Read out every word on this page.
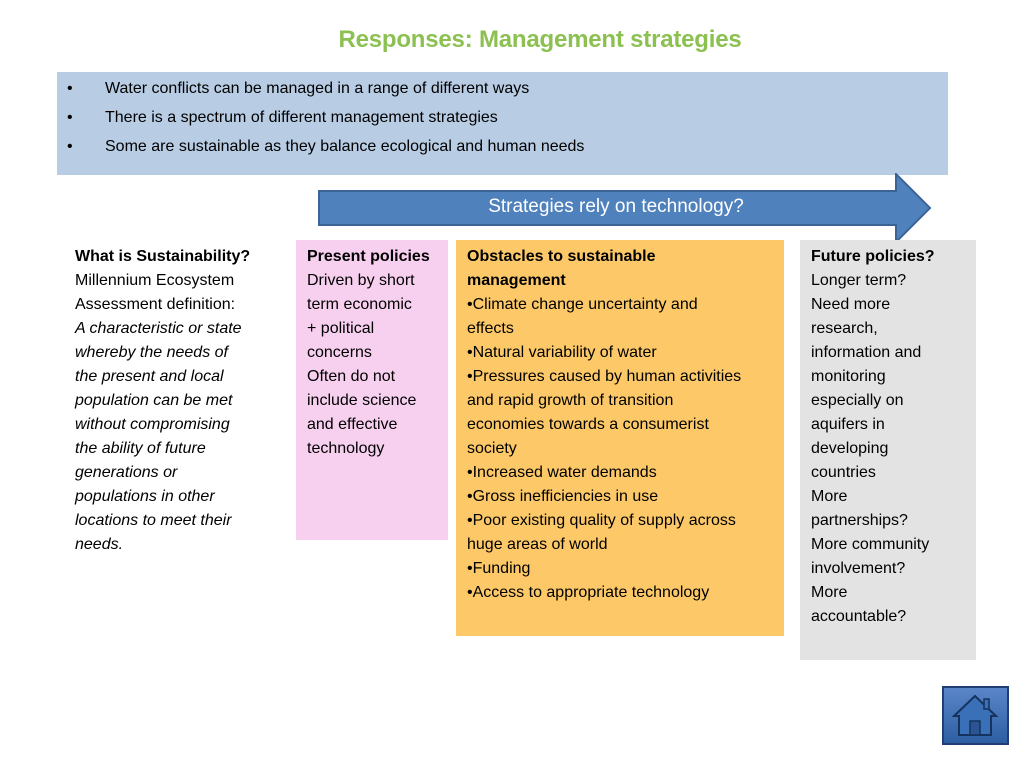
Responses: Management strategies
• Water conflicts can be managed in a range of different ways
• There is a spectrum of different management strategies
• Some are sustainable as they balance ecological and human needs
Strategies rely on technology?
What is Sustainability?
Millennium Ecosystem
Assessment definition:
A characteristic or state
whereby the needs of
the present and local
population can be met
without compromising
the ability of future
generations or
populations in other
locations to meet their
needs.
Present policies
Driven by short
term economic
+ political
concerns
Often do not
include science
and effective
technology
Obstacles to sustainable
management
•Climate change uncertainty and
effects
•Natural variability of water
•Pressures caused by human activities
and rapid growth of transition
economies towards a consumerist
society
•Increased water demands
•Gross inefficiencies in use
•Poor existing quality of supply across
huge areas of world
•Funding
•Access to appropriate technology
Future policies?
Longer term?
Need more
research,
information and
monitoring
especially on
aquifers in
developing
countries
More
partnerships?
More community
involvement?
More
accountable?
